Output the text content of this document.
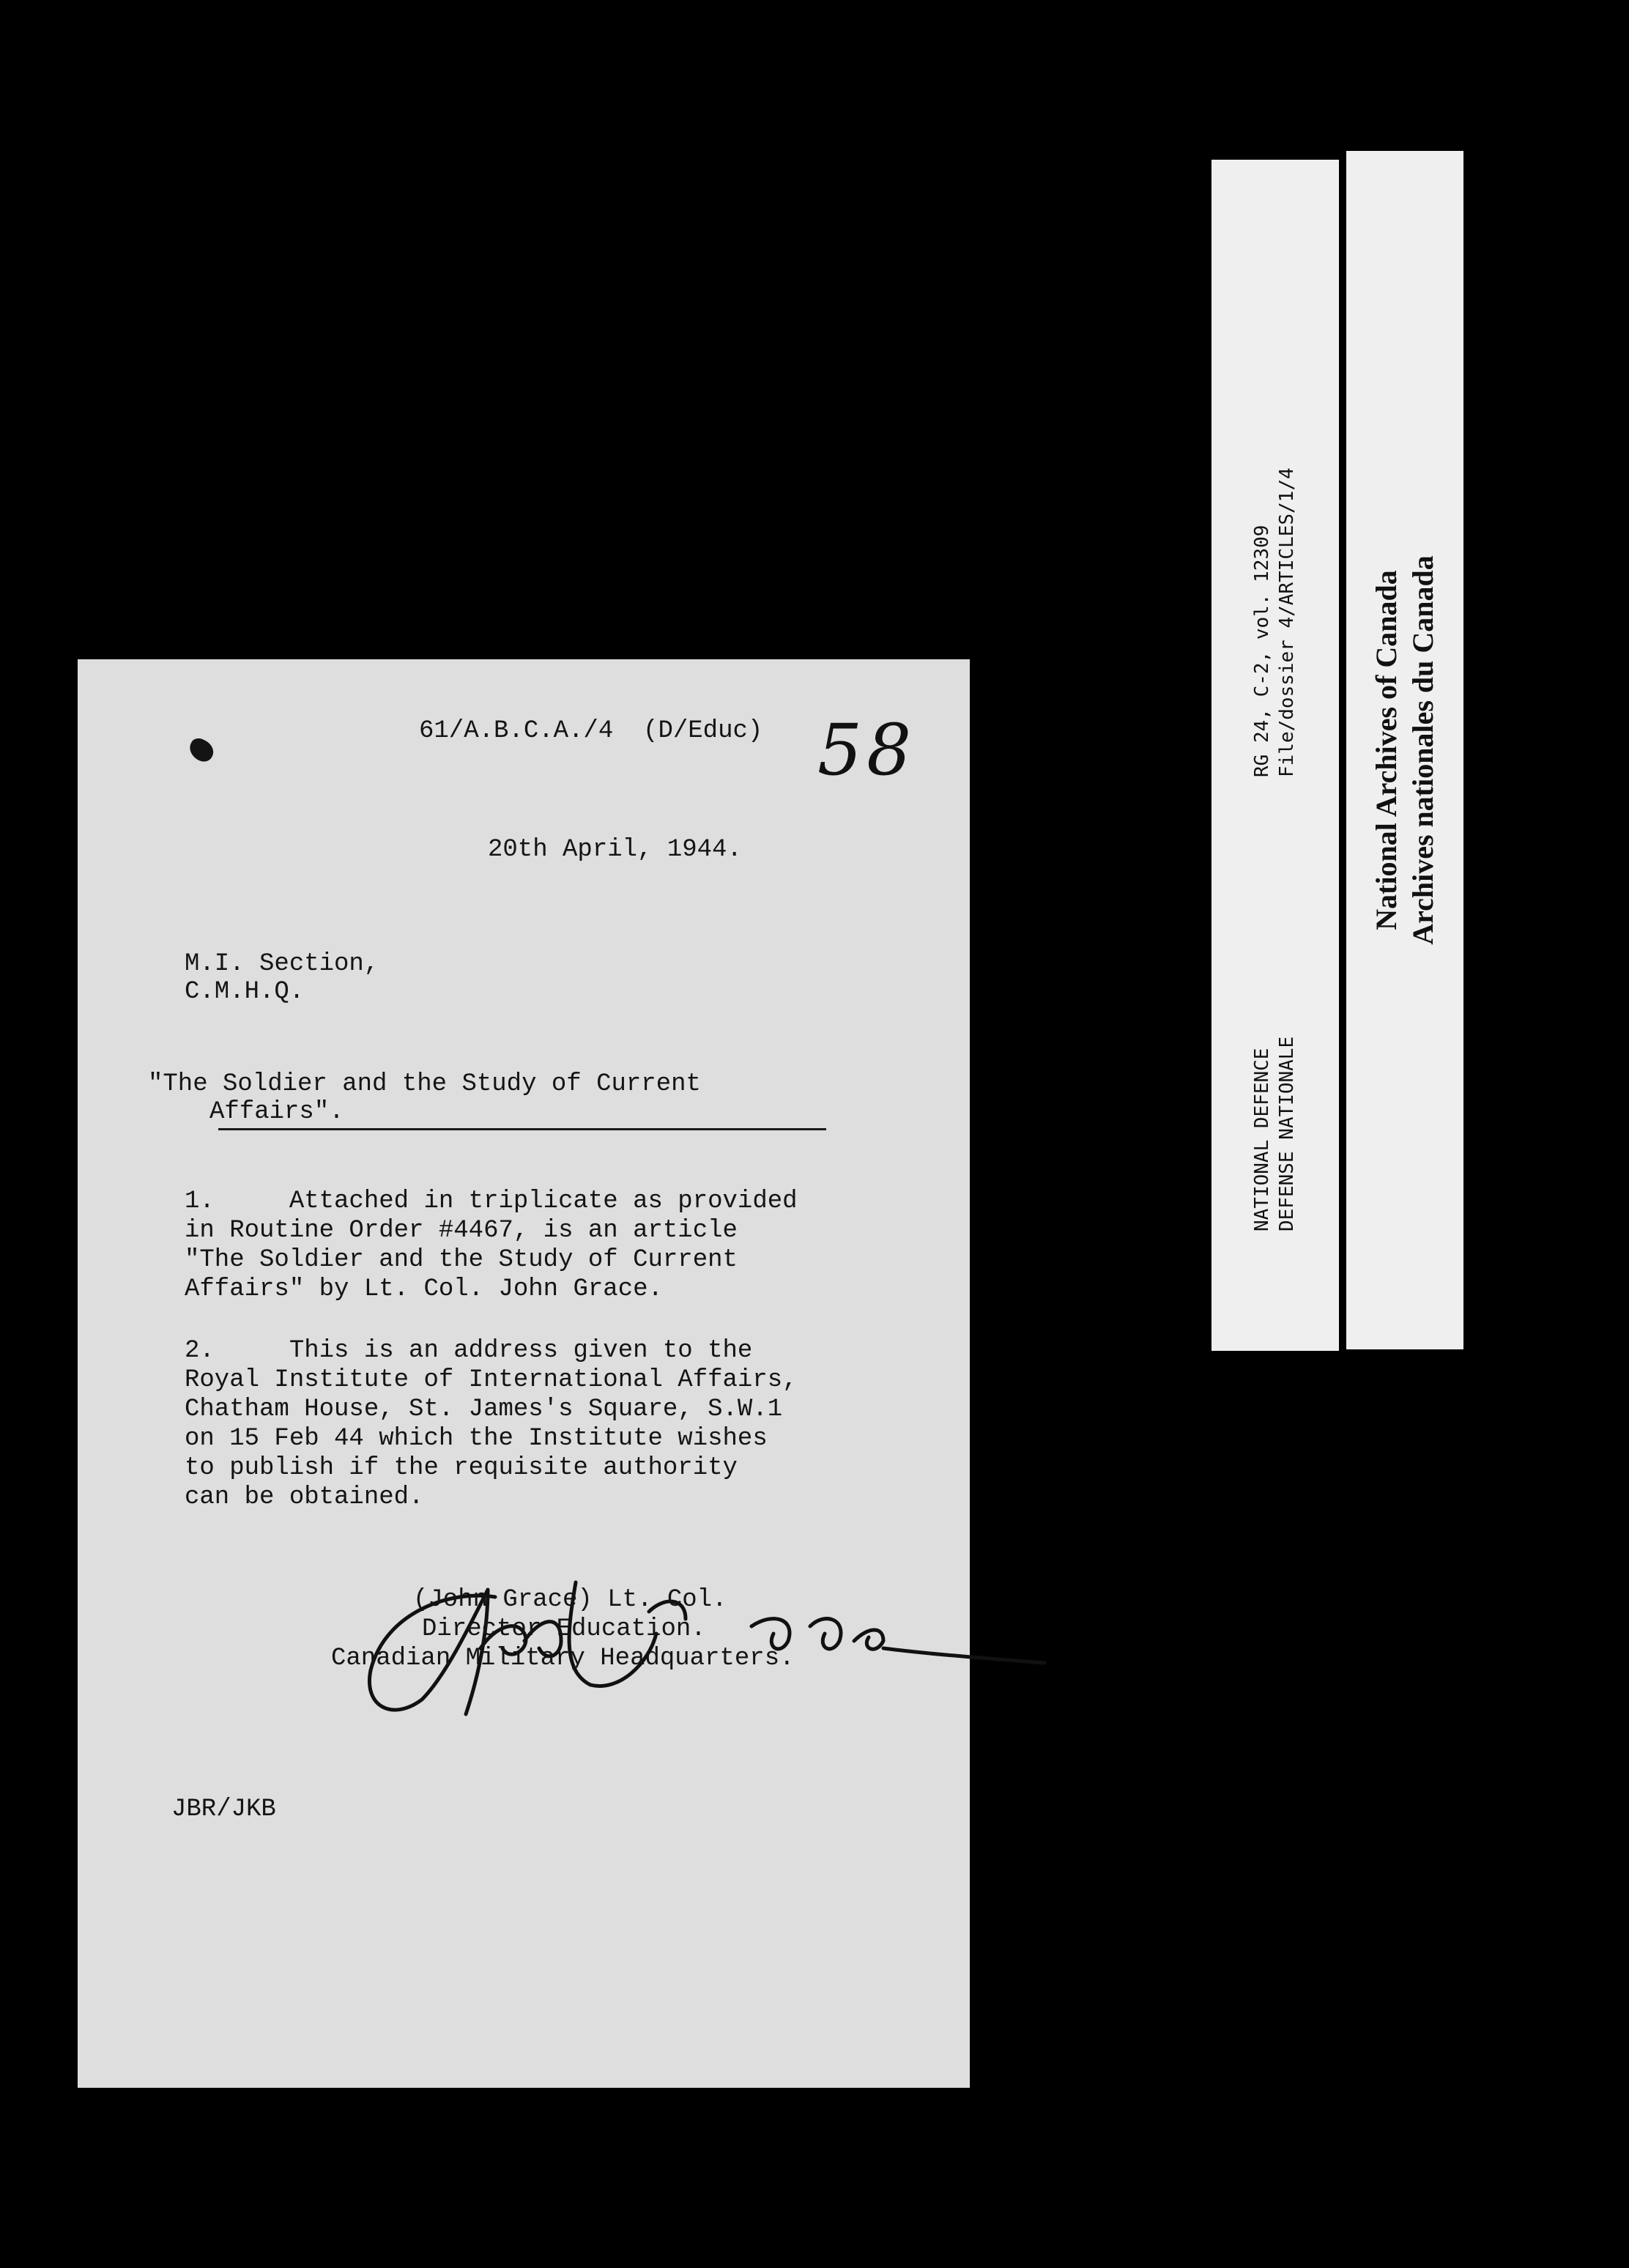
61/A.B.C.A./4  (D/Educ) 58
20th April, 1944.
M.I. Section,
C.M.H.Q.
"The Soldier and the Study of Current
Affairs".
1.     Attached in triplicate as provided
in Routine Order #4467, is an article
"The Soldier and the Study of Current
Affairs" by Lt. Col. John Grace.
2.     This is an address given to the
Royal Institute of International Affairs,
Chatham House, St. James's Square, S.W.1
on 15 Feb 44 which the Institute wishes
to publish if the requisite authority
can be obtained.
(John Grace) Lt. Col.
Director Education.
Canadian Military Headquarters.
JBR/JKB
NATIONAL DEFENCE DEFENSE NATIONALE
RG 24, C-2, vol. 12309 File/dossier 4/ARTICLES/1/4 National Archives of Canada Archives nationales du Canada
